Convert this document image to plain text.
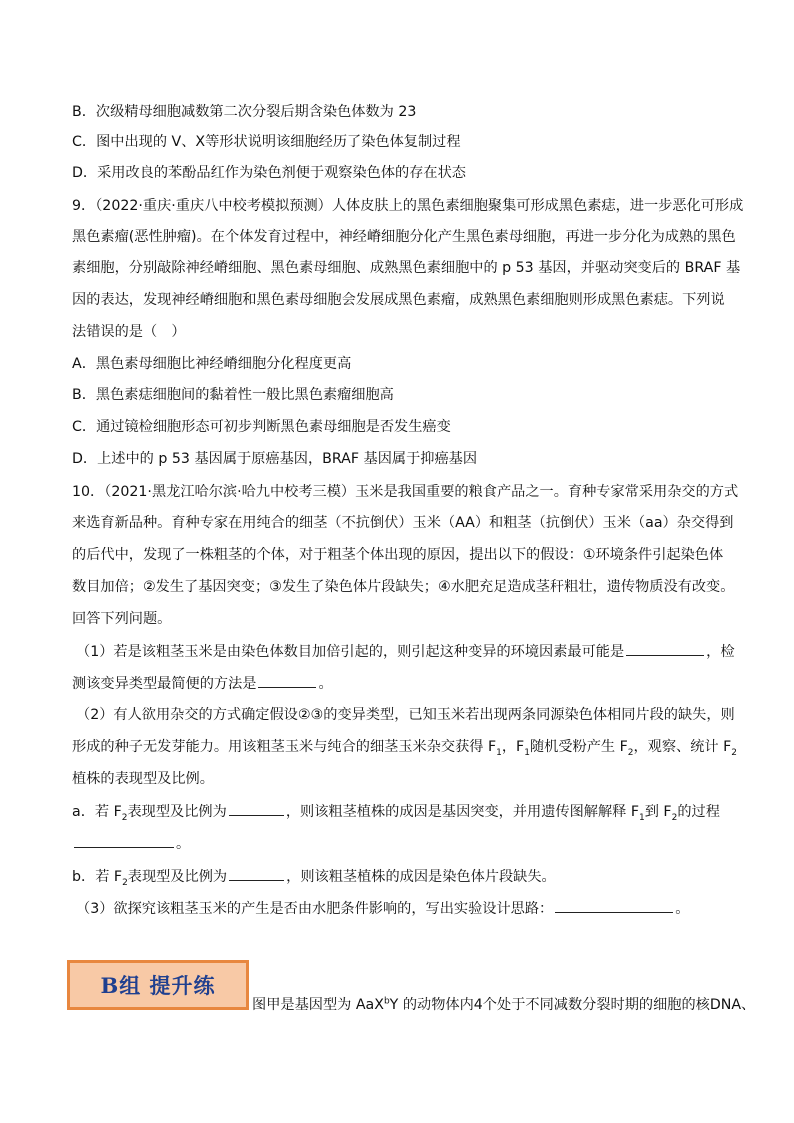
B．次级精母细胞减数第二次分裂后期含染色体数为 23
C．图中出现的 V、X等形状说明该细胞经历了染色体复制过程
D．采用改良的苯酚品红作为染色剂便于观察染色体的存在状态
9．（2022·重庆·重庆八中校考模拟预测）人体皮肤上的黑色素细胞聚集可形成黑色素痣，进一步恶化可形成
黑色素瘤(恶性肿瘤)。在个体发育过程中，神经嵴细胞分化产生黑色素母细胞，再进一步分化为成熟的黑色
素细胞，分别敲除神经嵴细胞、黑色素母细胞、成熟黑色素细胞中的 p 53 基因，并驱动突变后的 BRAF 基
因的表达，发现神经嵴细胞和黑色素母细胞会发展成黑色素瘤，成熟黑色素细胞则形成黑色素痣。下列说
法错误的是（　）
A．黑色素母细胞比神经嵴细胞分化程度更高
B．黑色素痣细胞间的黏着性一般比黑色素瘤细胞高
C．通过镜检细胞形态可初步判断黑色素母细胞是否发生癌变
D．上述中的 p 53 基因属于原癌基因，BRAF 基因属于抑癌基因
10．（2021·黑龙江哈尔滨·哈九中校考三模）玉米是我国重要的粮食产品之一。育种专家常采用杂交的方式
来选育新品种。育种专家在用纯合的细茎（不抗倒伏）玉米（AA）和粗茎（抗倒伏）玉米（aa）杂交得到
的后代中，发现了一株粗茎的个体，对于粗茎个体出现的原因，提出以下的假设：①环境条件引起染色体
数目加倍；②发生了基因突变；③发生了染色体片段缺失；④水肥充足造成茎秆粗壮，遗传物质没有改变。
回答下列问题。
（1）若是该粗茎玉米是由染色体数目加倍引起的，则引起这种变异的环境因素最可能是	，检
测该变异类型最简便的方法是	。
（2）有人欲用杂交的方式确定假设②③的变异类型，已知玉米若出现两条同源染色体相同片段的缺失，则
形成的种子无发芽能力。用该粗茎玉米与纯合的细茎玉米杂交获得 $F_1$，$F_1$随机受粉产生 $F_2$，观察、统计 $F_2$
植株的表现型及比例。
a．若 $F_2$表现型及比例为	，则该粗茎植株的成因是基因突变，并用遗传图解解释 $F_1$到 $F_2$的过程
。
b．若 $F_2$表现型及比例为	，则该粗茎植株的成因是染色体片段缺失。
（3）欲探究该粗茎玉米的产生是否由水肥条件影响的，写出实验设计思路：	。
B组 提升练
图甲是基因型为 AaX$^b$Y 的动物体内4个处于不同减数分裂时期的细胞的核DNA、
